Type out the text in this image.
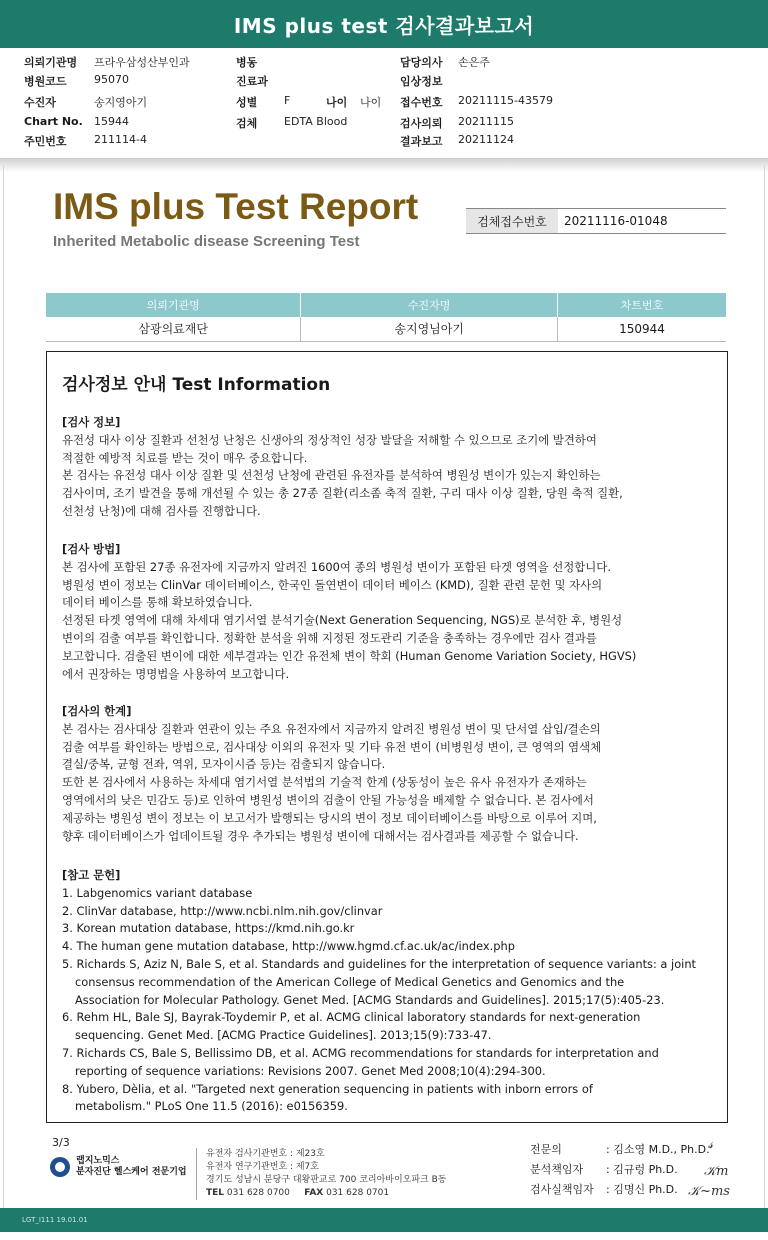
IMS plus test 검사결과보고서
의뢰기관명 프라우삼성산부인과	병동	담당의사 손은주
병원코드 95070	진료과	임상정보
수진자	송지영아기	성별 F	나이 나이 접수번호 20211115-43579
Chart No. 15944	검체 EDTA Blood	검사의뢰 20211115
주민번호 211114-4	결과보고 20211124
IMS plus Test Report
Inherited Metabolic disease Screening Test
검체접수번호	20211116-01048
의뢰기관명	수진자명	차트번호
삼광의료재단	송지영님아기	150944
검사정보 안내 Test Information
[검사 정보]

유전성 대사 이상 질환과 선천성 난청은 신생아의 정상적인 성장 발달을 저해할 수 있으므로 조기에 발견하여

적절한 예방적 치료를 받는 것이 매우 중요합니다.

본 검사는 유전성 대사 이상 질환 및 선천성 난청에 관련된 유전자를 분석하여 병원성 변이가 있는지 확인하는

검사이며, 조기 발견을 통해 개선될 수 있는 총 27종 질환(리소좀 축적 질환, 구리 대사 이상 질환, 당원 축적 질환,

선천성 난청)에 대해 검사를 진행합니다.

[검사 방법]

본 검사에 포함된 27종 유전자에 지금까지 알려진 1600여 종의 병원성 변이가 포함된 타겟 영역을 선정합니다.

병원성 변이 정보는 ClinVar 데이터베이스, 한국인 돌연변이 데이터 베이스 (KMD), 질환 관련 문헌 및 자사의

데이터 베이스를 통해 확보하였습니다.

선정된 타겟 영역에 대해 차세대 염기서열 분석기술(Next Generation Sequencing, NGS)로 분석한 후, 병원성

변이의 검출 여부를 확인합니다. 정확한 분석을 위해 지정된 정도관리 기준을 충족하는 경우에만 검사 결과를

보고합니다. 검출된 변이에 대한 세부결과는 인간 유전체 변이 학회 (Human Genome Variation Society, HGVS)

에서 권장하는 명명법을 사용하여 보고합니다.

[검사의 한계]

본 검사는 검사대상 질환과 연관이 있는 주요 유전자에서 지금까지 알려진 병원성 변이 및 단서열 삽입/결손의

검출 여부를 확인하는 방법으로, 검사대상 이외의 유전자 및 기타 유전 변이 (비병원성 변이, 큰 영역의 염색체

결실/중복, 균형 전좌, 역위, 모자이시즘 등)는 검출되지 않습니다.

또한 본 검사에서 사용하는 차세대 염기서열 분석법의 기술적 한계 (상동성이 높은 유사 유전자가 존재하는

영역에서의 낮은 민감도 등)로 인하여 병원성 변이의 검출이 안될 가능성을 배제할 수 없습니다. 본 검사에서

제공하는 병원성 변이 정보는 이 보고서가 발행되는 당시의 변이 정보 데이터베이스를 바탕으로 이루어 지며,

향후 데이터베이스가 업데이트될 경우 추가되는 병원성 변이에 대해서는 검사결과를 제공할 수 없습니다.

[참고 문헌]
1. Labgenomics variant database
2. ClinVar database, http://www.ncbi.nlm.nih.gov/clinvar
3. Korean mutation database, https://kmd.nih.go.kr
4. The human gene mutation database, http://www.hgmd.cf.ac.uk/ac/index.php
5. Richards S, Aziz N, Bale S, et al. Standards and guidelines for the interpretation of sequence variants: a joint
consensus recommendation of the American College of Medical Genetics and Genomics and the
Association for Molecular Pathology. Genet Med. [ACMG Standards and Guidelines]. 2015;17(5):405-23.
6. Rehm HL, Bale SJ, Bayrak-Toydemir P, et al. ACMG clinical laboratory standards for next-generation
sequencing. Genet Med. [ACMG Practice Guidelines]. 2013;15(9):733-47.
7. Richards CS, Bale S, Bellissimo DB, et al. ACMG recommendations for standards for interpretation and
reporting of sequence variations: Revisions 2007. Genet Med 2008;10(4):294-300.
8. Yubero, Dèlia, et al. "Targeted next generation sequencing in patients with inborn errors of
metabolism." PLoS One 11.5 (2016): e0156359.
3/3
랩지노믹스
분자진단 헬스케어 전문기업
유전자 검사기관번호 : 제23호
유전자 연구기관번호 : 제7호
경기도 성남시 분당구 대왕판교로 700 코리아바이오파크 B동
TEL 031 628 0700 FAX 031 628 0701
전문의	: 김소영 M.D., Ph.D.
𝓈
분석책임자 : 김규렁 Ph.D. 𝒦m
검사실책임자 : 김명신 Ph.D. 𝒦~ms
LGT_I111 19.01.01
